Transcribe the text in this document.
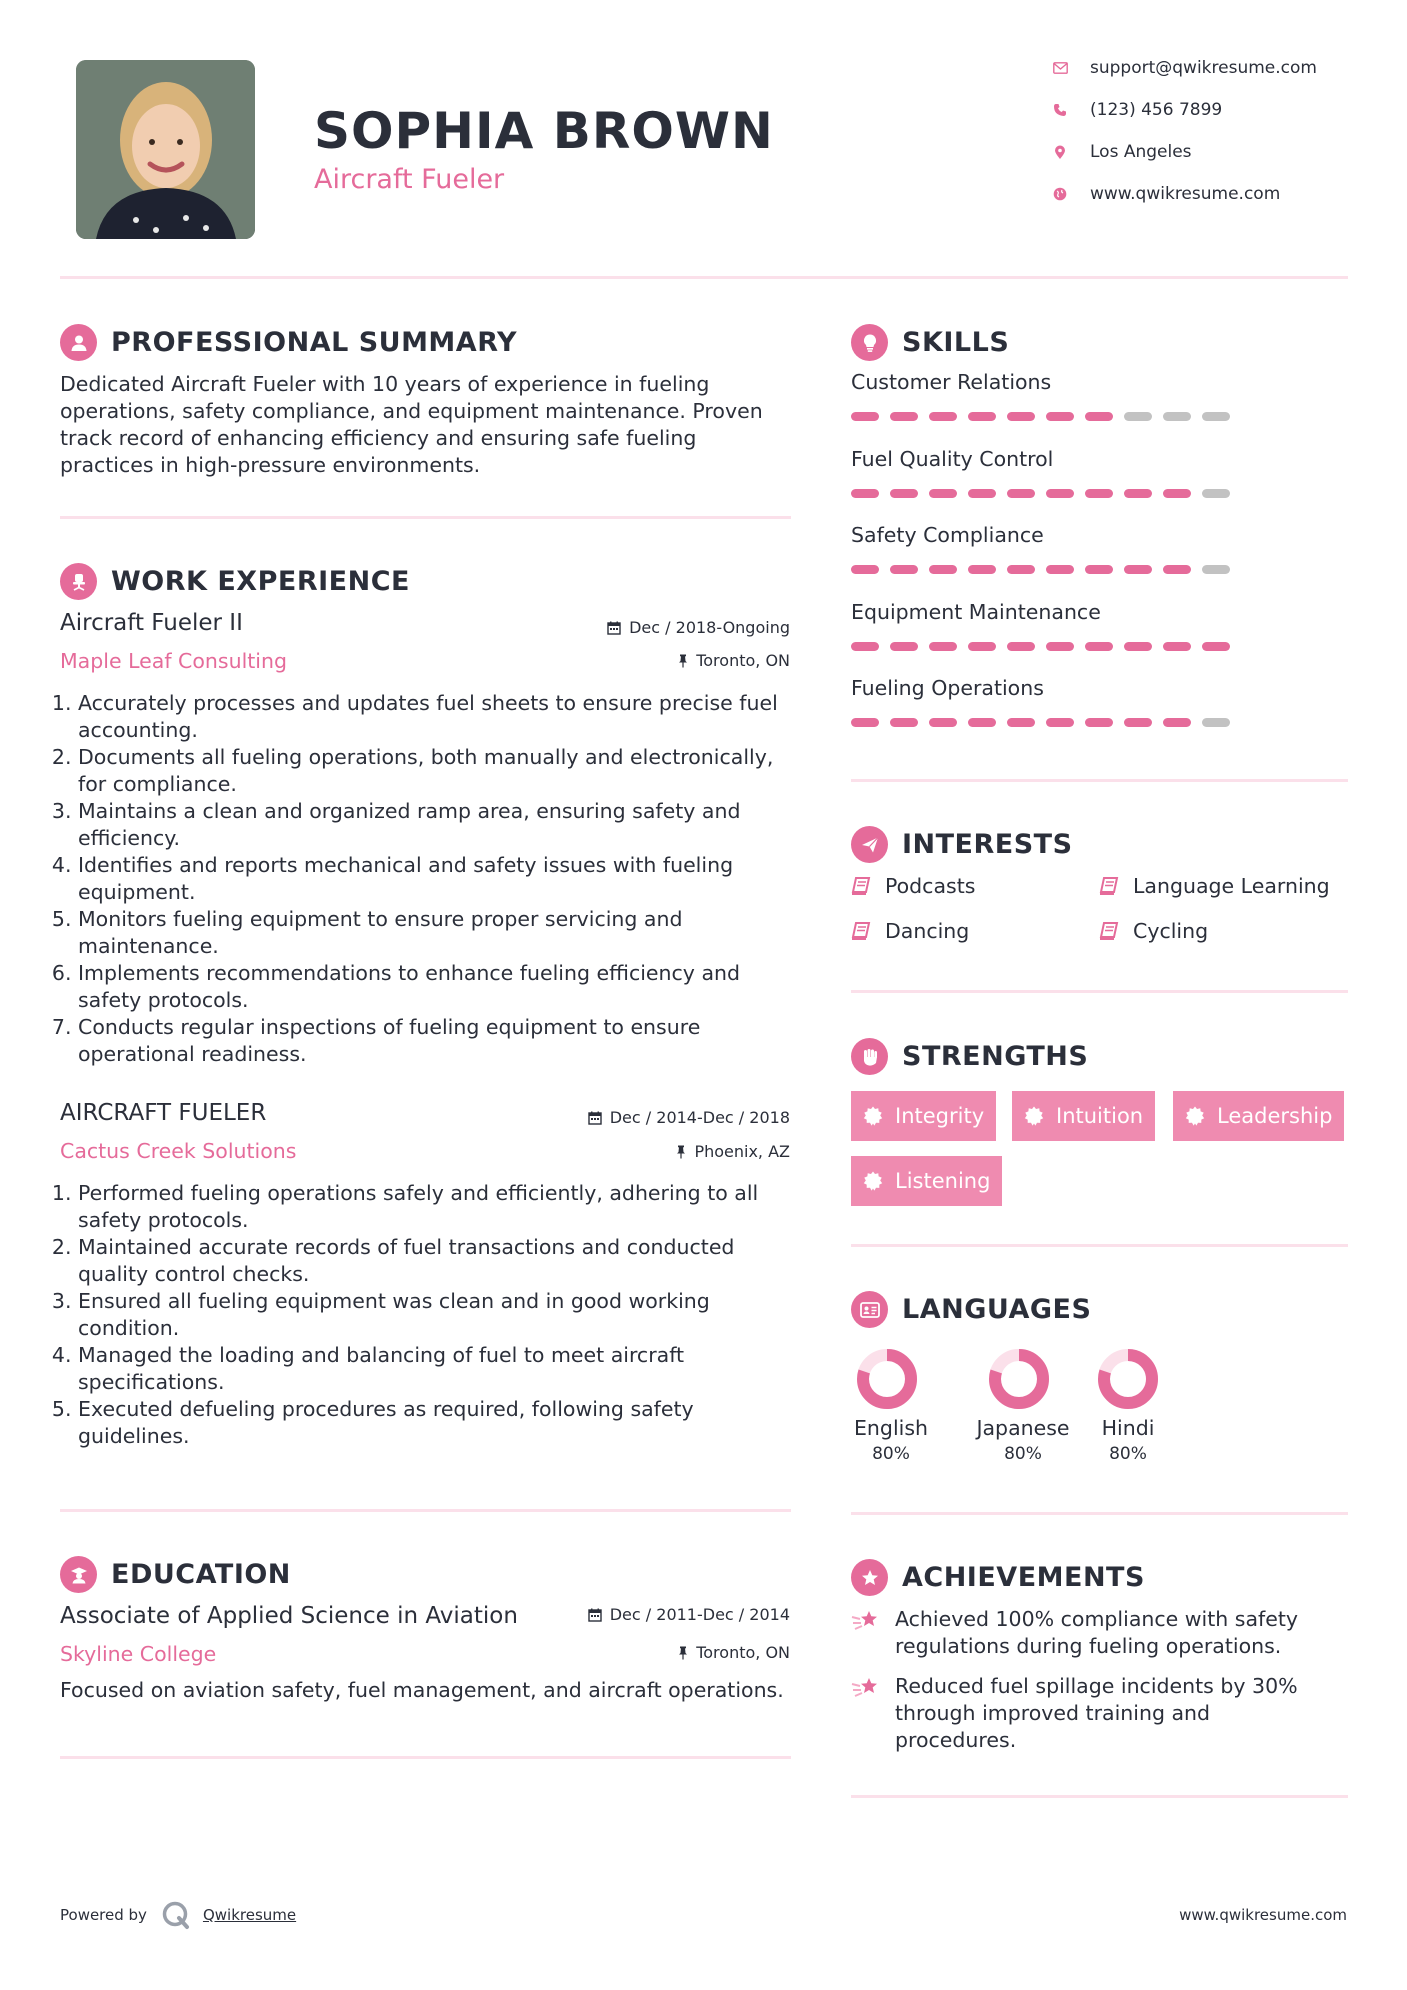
SOPHIA BROWN
Aircraft Fueler
support@qwikresume.com
(123) 456 7899
Los Angeles
www.qwikresume.com
PROFESSIONAL SUMMARY
Dedicated Aircraft Fueler with 10 years of experience in fueling
operations, safety compliance, and equipment maintenance. Proven
track record of enhancing efficiency and ensuring safe fueling
practices in high-pressure environments.
WORK EXPERIENCE
Aircraft Fueler II	Dec / 2018-Ongoing
Maple Leaf Consulting	Toronto, ON
1. Accurately processes and updates fuel sheets to ensure precise fuel accounting.
2. Documents all fueling operations, both manually and electronically, for compliance.
3. Maintains a clean and organized ramp area, ensuring safety and efficiency.
4. Identifies and reports mechanical and safety issues with fueling equipment.
5. Monitors fueling equipment to ensure proper servicing and maintenance.
6. Implements recommendations to enhance fueling efficiency and safety protocols.
7. Conducts regular inspections of fueling equipment to ensure operational readiness.
AIRCRAFT FUELER	Dec / 2014-Dec / 2018
Cactus Creek Solutions	Phoenix, AZ
1. Performed fueling operations safely and efficiently, adhering to all safety protocols.
2. Maintained accurate records of fuel transactions and conducted quality control checks.
3. Ensured all fueling equipment was clean and in good working condition.
4. Managed the loading and balancing of fuel to meet aircraft specifications.
5. Executed defueling procedures as required, following safety guidelines.
EDUCATION
Associate of Applied Science in Aviation	Dec / 2011-Dec / 2014
Skyline College	Toronto, ON
Focused on aviation safety, fuel management, and aircraft operations.
SKILLS
Customer Relations
Fuel Quality Control
Safety Compliance
Equipment Maintenance
Fueling Operations
INTERESTS
Podcasts	Language Learning
Dancing	Cycling
STRENGTHS
Integrity	Intuition	Leadership
Listening
LANGUAGES
English
80%
Japanese
80%
Hindi
80%
ACHIEVEMENTS
Achieved 100% compliance with safety
regulations during fueling operations.
Reduced fuel spillage incidents by 30%
through improved training and
procedures.
Powered by	Qwikresume	www.qwikresume.com
